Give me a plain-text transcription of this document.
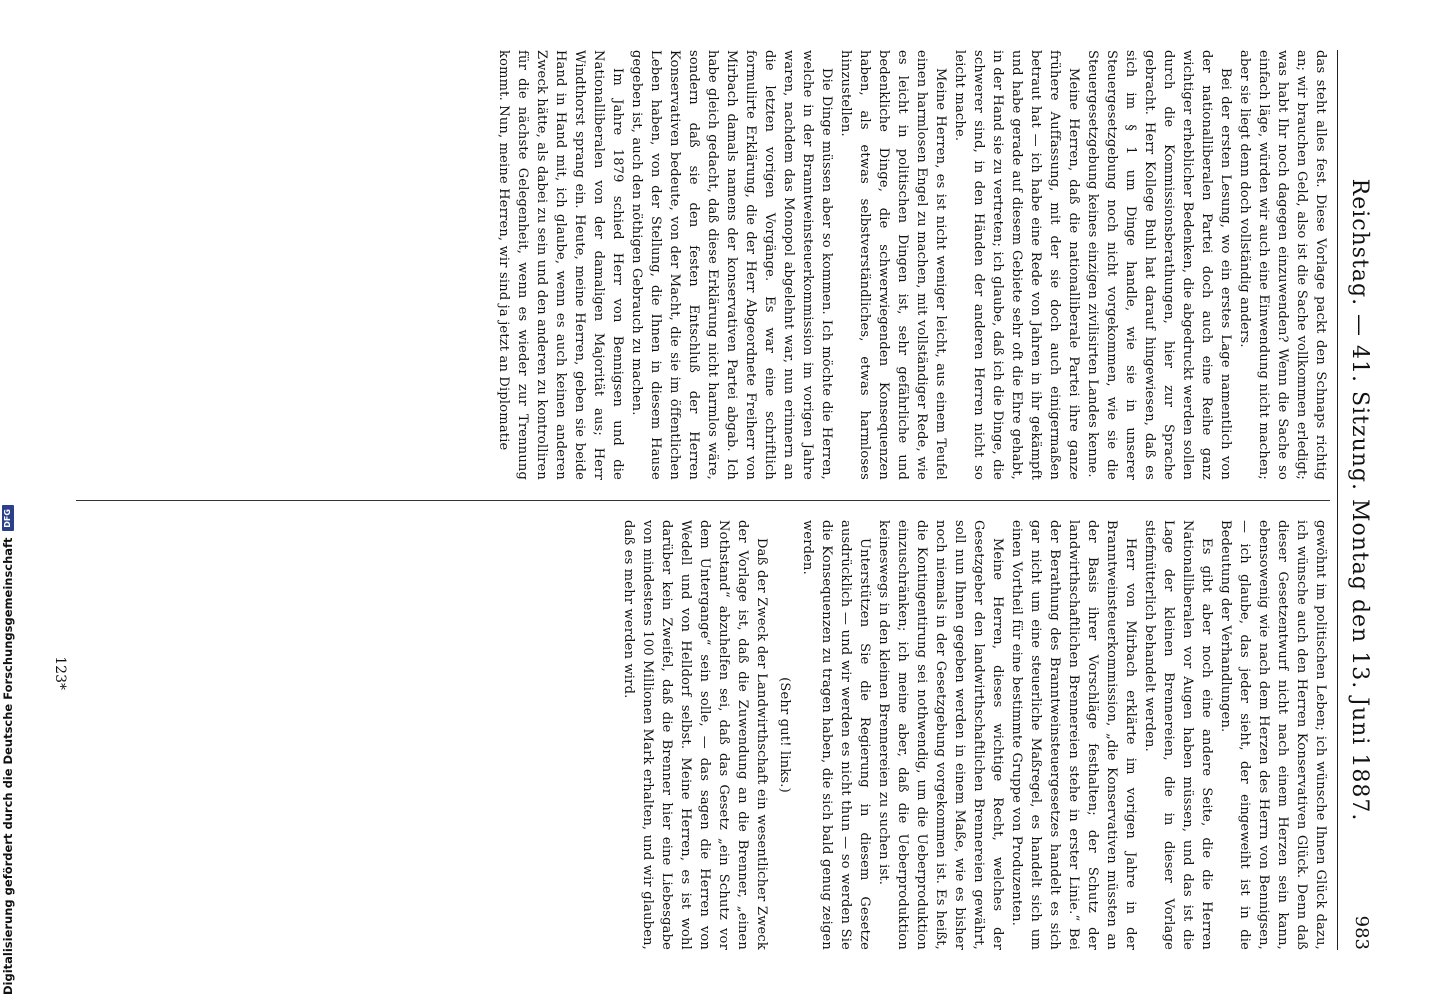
Digitalisierung gefördert durch die Deutsche Forschungsgemeinschaft
DFG	Reichstag. — 41. Sitzung. Montag den 13. Juni 1887.
983

das steht alles fest. Diese Vorlage packt den Schnaps richtig an; wir brauchen Geld, also ist die Sache vollkommen erledigt; was habt Ihr noch dagegen einzuwenden? Wenn die Sache so einfach läge, würden wir auch eine Einwendung nicht machen; aber sie liegt denn doch vollständig anders.

Bei der ersten Lesung, wo ein erstes Lage namentlich von der nationalliberalen Partei doch auch eine Reihe ganz wichtiger erheblicher Bedenken, die abgedruckt werden sollen durch die Kommissionsberathungen, hier zur Sprache gebracht. Herr Kollege Buhl hat darauf hingewiesen, daß es sich im § 1 um Dinge handle, wie sie in unserer Steuergesetzgebung noch nicht vorgekommen, wie sie die Steuergesetzgebung keines einzigen zivilisirten Landes kenne.

Meine Herren, daß die nationalliberale Partei ihre ganze frühere Auffassung, mit der sie doch auch einigermaßen betraut hat — ich habe eine Rede von Jahren in ihr gekämpft und habe gerade auf diesem Gebiete sehr oft die Ehre gehabt, in der Hand sie zu vertreten; ich glaube, daß ich die Dinge, die schwerer sind, in den Händen der anderen Herren nicht so leicht mache.

Meine Herren, es ist nicht weniger leicht, aus einem Teufel einen harmlosen Engel zu machen, mit vollständiger Rede, wie es leicht in politischen Dingen ist, sehr gefährliche und bedenkliche Dinge, die schwerwiegenden Konsequenzen haben, als etwas selbstverständliches, etwas harmloses hinzustellen.

Die Dinge müssen aber so kommen. Ich möchte die Herren, welche in der Branntweinsteuerkommission im vorigen Jahre waren, nachdem das Monopol abgelehnt war, nun erinnern an die letzten vorigen Vorgänge. Es war eine schriftlich formulirte Erklärung, die der Herr Abgeordnete Freiherr von Mirbach damals namens der konservativen Partei abgab. Ich habe gleich gedacht, daß diese Erklärung nicht harmlos wäre, sondern daß sie den festen Entschluß der Herren Konservativen bedeute, von der Macht, die sie im öffentlichen Leben haben, von der Stellung, die Ihnen in diesem Hause gegeben ist, auch den nöthigen Gebrauch zu machen.

Im Jahre 1879 schied Herr von Bennigsen und die Nationalliberalen von der damaligen Majorität aus; Herr Windthorst sprang ein. Heute, meine Herren, geben sie beide Hand in Hand mit, ich glaube, wenn es auch keinen anderen Zweck hätte, als dabei zu sein und den anderen zu kontrolliren für die nächste Gelegenheit, wenn es wieder zur Trennung kommt. Nun, meine Herren, wir sind ja jetzt an Diplomatie

gewöhnt im politischen Leben; ich wünsche Ihnen Glück dazu, ich wünsche auch den Herren Konservativen Glück. Denn daß dieser Gesetzentwurf nicht nach einem Herzen sein kann, ebensowenig wie nach dem Herzen des Herrn von Bennigsen, — ich glaube, das jeder sieht, der eingeweiht ist in die Bedeutung der Verhandlungen.

Es gibt aber noch eine andere Seite, die die Herren Nationalliberalen vor Augen haben müssen, und das ist die Lage der kleinen Brennereien, die in dieser Vorlage stiefmütterlich behandelt werden.

Herr von Mirbach erklärte im vorigen Jahre in der Branntweinsteuerkommission, „die Konservativen müssten an der Basis ihrer Vorschläge festhalten; der Schutz der landwirthschaftlichen Brennereien stehe in erster Linie.“ Bei der Berathung des Branntweinsteuergesetzes handelt es sich gar nicht um eine steuerliche Maßregel, es handelt sich um einen Vortheil für eine bestimmte Gruppe von Produzenten.

Meine Herren, dieses wichtige Recht, welches der Gesetzgeber den landwirthschaftlichen Brennereien gewährt, soll nun Ihnen gegeben werden in einem Maße, wie es bisher noch niemals in der Gesetzgebung vorgekommen ist. Es heißt, die Kontingentirung sei nothwendig, um die Ueberproduktion einzuschränken; ich meine aber, daß die Ueberproduktion keineswegs in den kleinen Brennereien zu suchen ist.

Unterstützen Sie die Regierung in diesem Gesetze ausdrücklich — und wir werden es nicht thun — so werden Sie die Konsequenzen zu tragen haben, die sich bald genug zeigen werden.

(Sehr gut! links.)

Daß der Zweck der Landwirthschaft ein wesentlicher Zweck der Vorlage ist, daß die Zuwendung an die Brenner, „einen Nothstand“ abzuhelfen sei, daß das Gesetz „ein Schutz vor dem Untergange“ sein solle, — das sagen die Herren von Wedell und von Helldorf selbst. Meine Herren, es ist wohl darüber kein Zweifel, daß die Brenner hier eine Liebesgabe von mindestens 100 Millionen Mark erhalten, und wir glauben, daß es mehr werden wird.

123*
